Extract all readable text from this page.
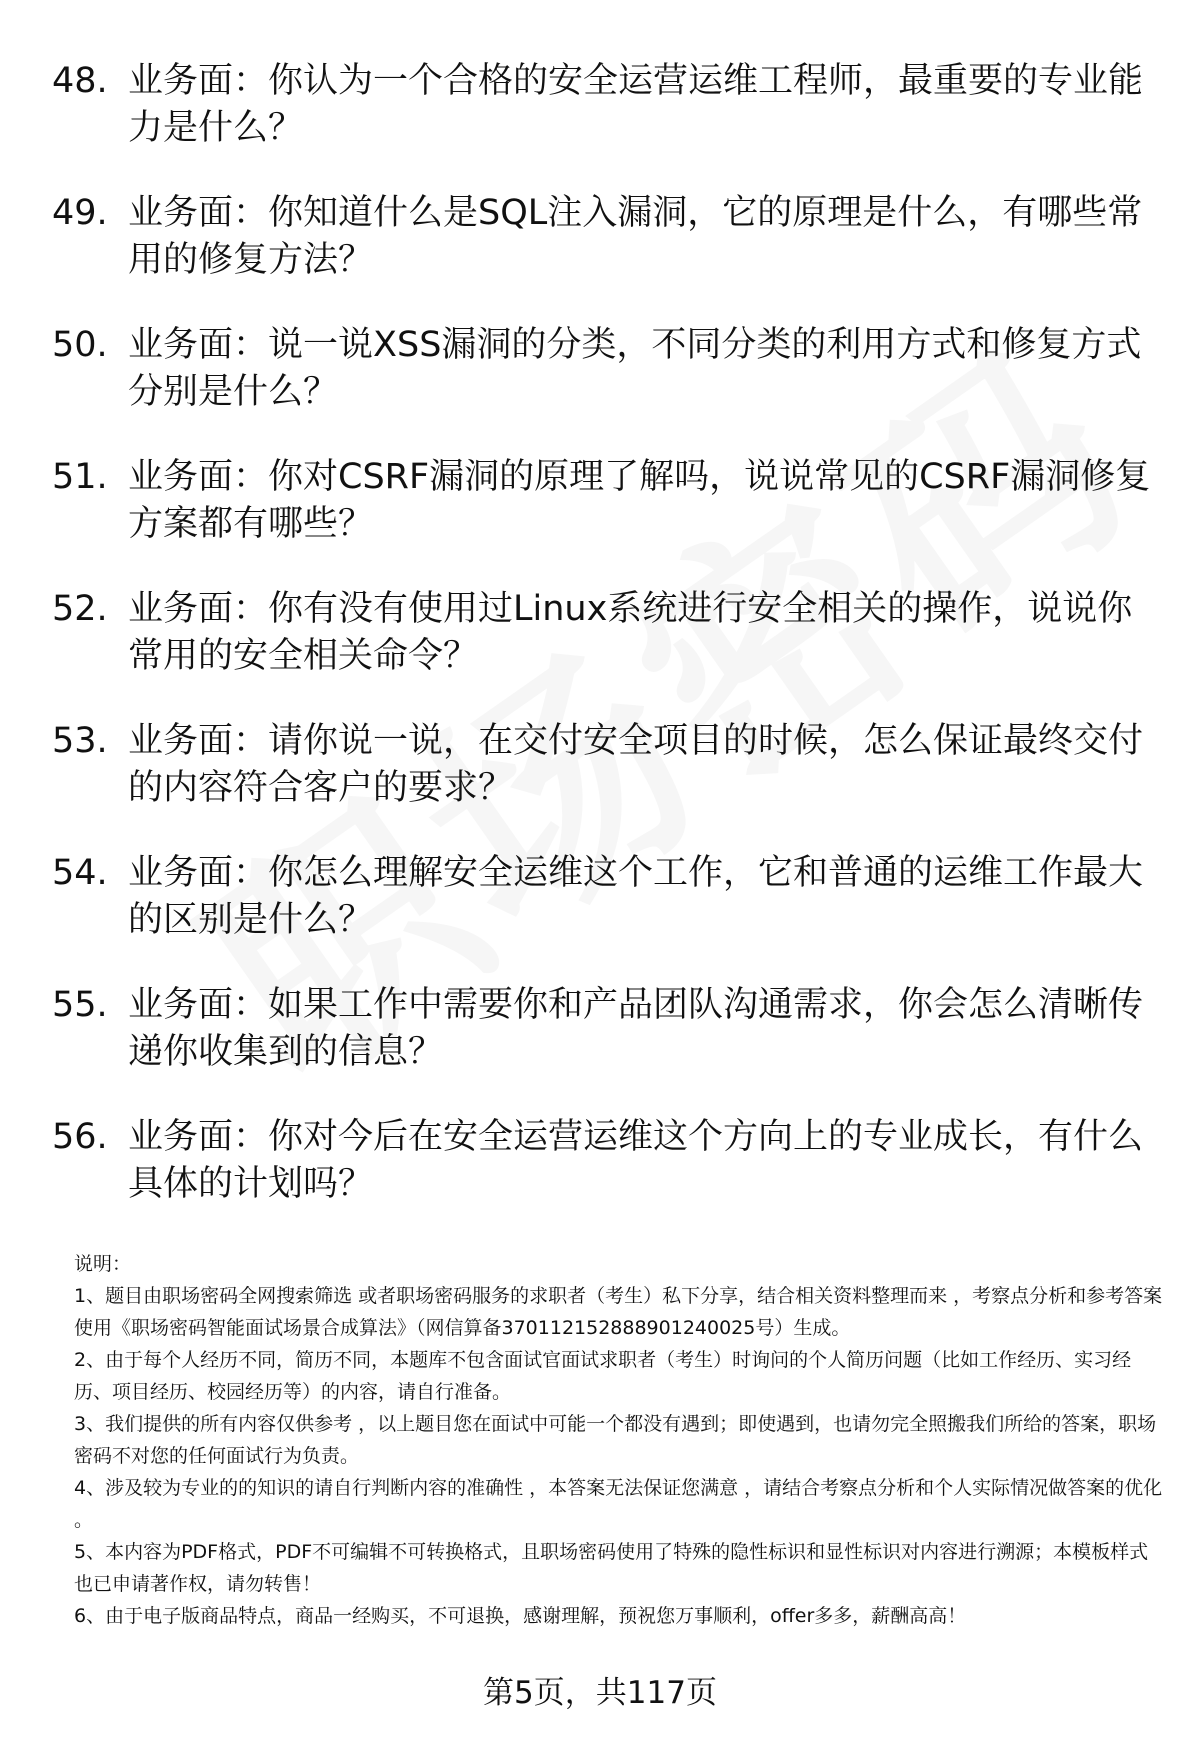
48. 业务面：你认为一个合格的安全运营运维工程师，最重要的专业能力是什么？
49. 业务面：你知道什么是SQL注入漏洞，它的原理是什么，有哪些常用的修复方法？
50. 业务面：说一说XSS漏洞的分类，不同分类的利用方式和修复方式分别是什么？
51. 业务面：你对CSRF漏洞的原理了解吗，说说常见的CSRF漏洞修复方案都有哪些？
52. 业务面：你有没有使用过Linux系统进行安全相关的操作，说说你常用的安全相关命令？
53. 业务面：请你说一说，在交付安全项目的时候，怎么保证最终交付的内容符合客户的要求？
54. 业务面：你怎么理解安全运维这个工作，它和普通的运维工作最大的区别是什么？
55. 业务面：如果工作中需要你和产品团队沟通需求，你会怎么清晰传递你收集到的信息？
56. 业务面：你对今后在安全运营运维这个方向上的专业成长，有什么具体的计划吗？
说明：

1、题目由职场密码全网搜索筛选 或者职场密码服务的求职者（考生）私下分享，结合相关资料整理而来 ，考察点分析和参考答案使用《职场密码智能面试场景合成算法》（网信算备370112152888901240025号）生成。

2、由于每个人经历不同，简历不同，本题库不包含面试官面试求职者（考生）时询问的个人简历问题（比如工作经历、实习经历、项目经历、校园经历等）的内容，请自行准备。

3、我们提供的所有内容仅供参考 ，以上题目您在面试中可能一个都没有遇到；即使遇到，也请勿完全照搬我们所给的答案，职场密码不对您的任何面试行为负责。

4、涉及较为专业的的知识的请自行判断内容的准确性 ，本答案无法保证您满意 ，请结合考察点分析和个人实际情况做答案的优化 。

5、本内容为PDF格式，PDF不可编辑不可转换格式，且职场密码使用了特殊的隐性标识和显性标识对内容进行溯源；本模板样式也已申请著作权，请勿转售！

6、由于电子版商品特点，商品一经购买，不可退换，感谢理解，预祝您万事顺利，offer多多，薪酬高高！

第5页，共117页
